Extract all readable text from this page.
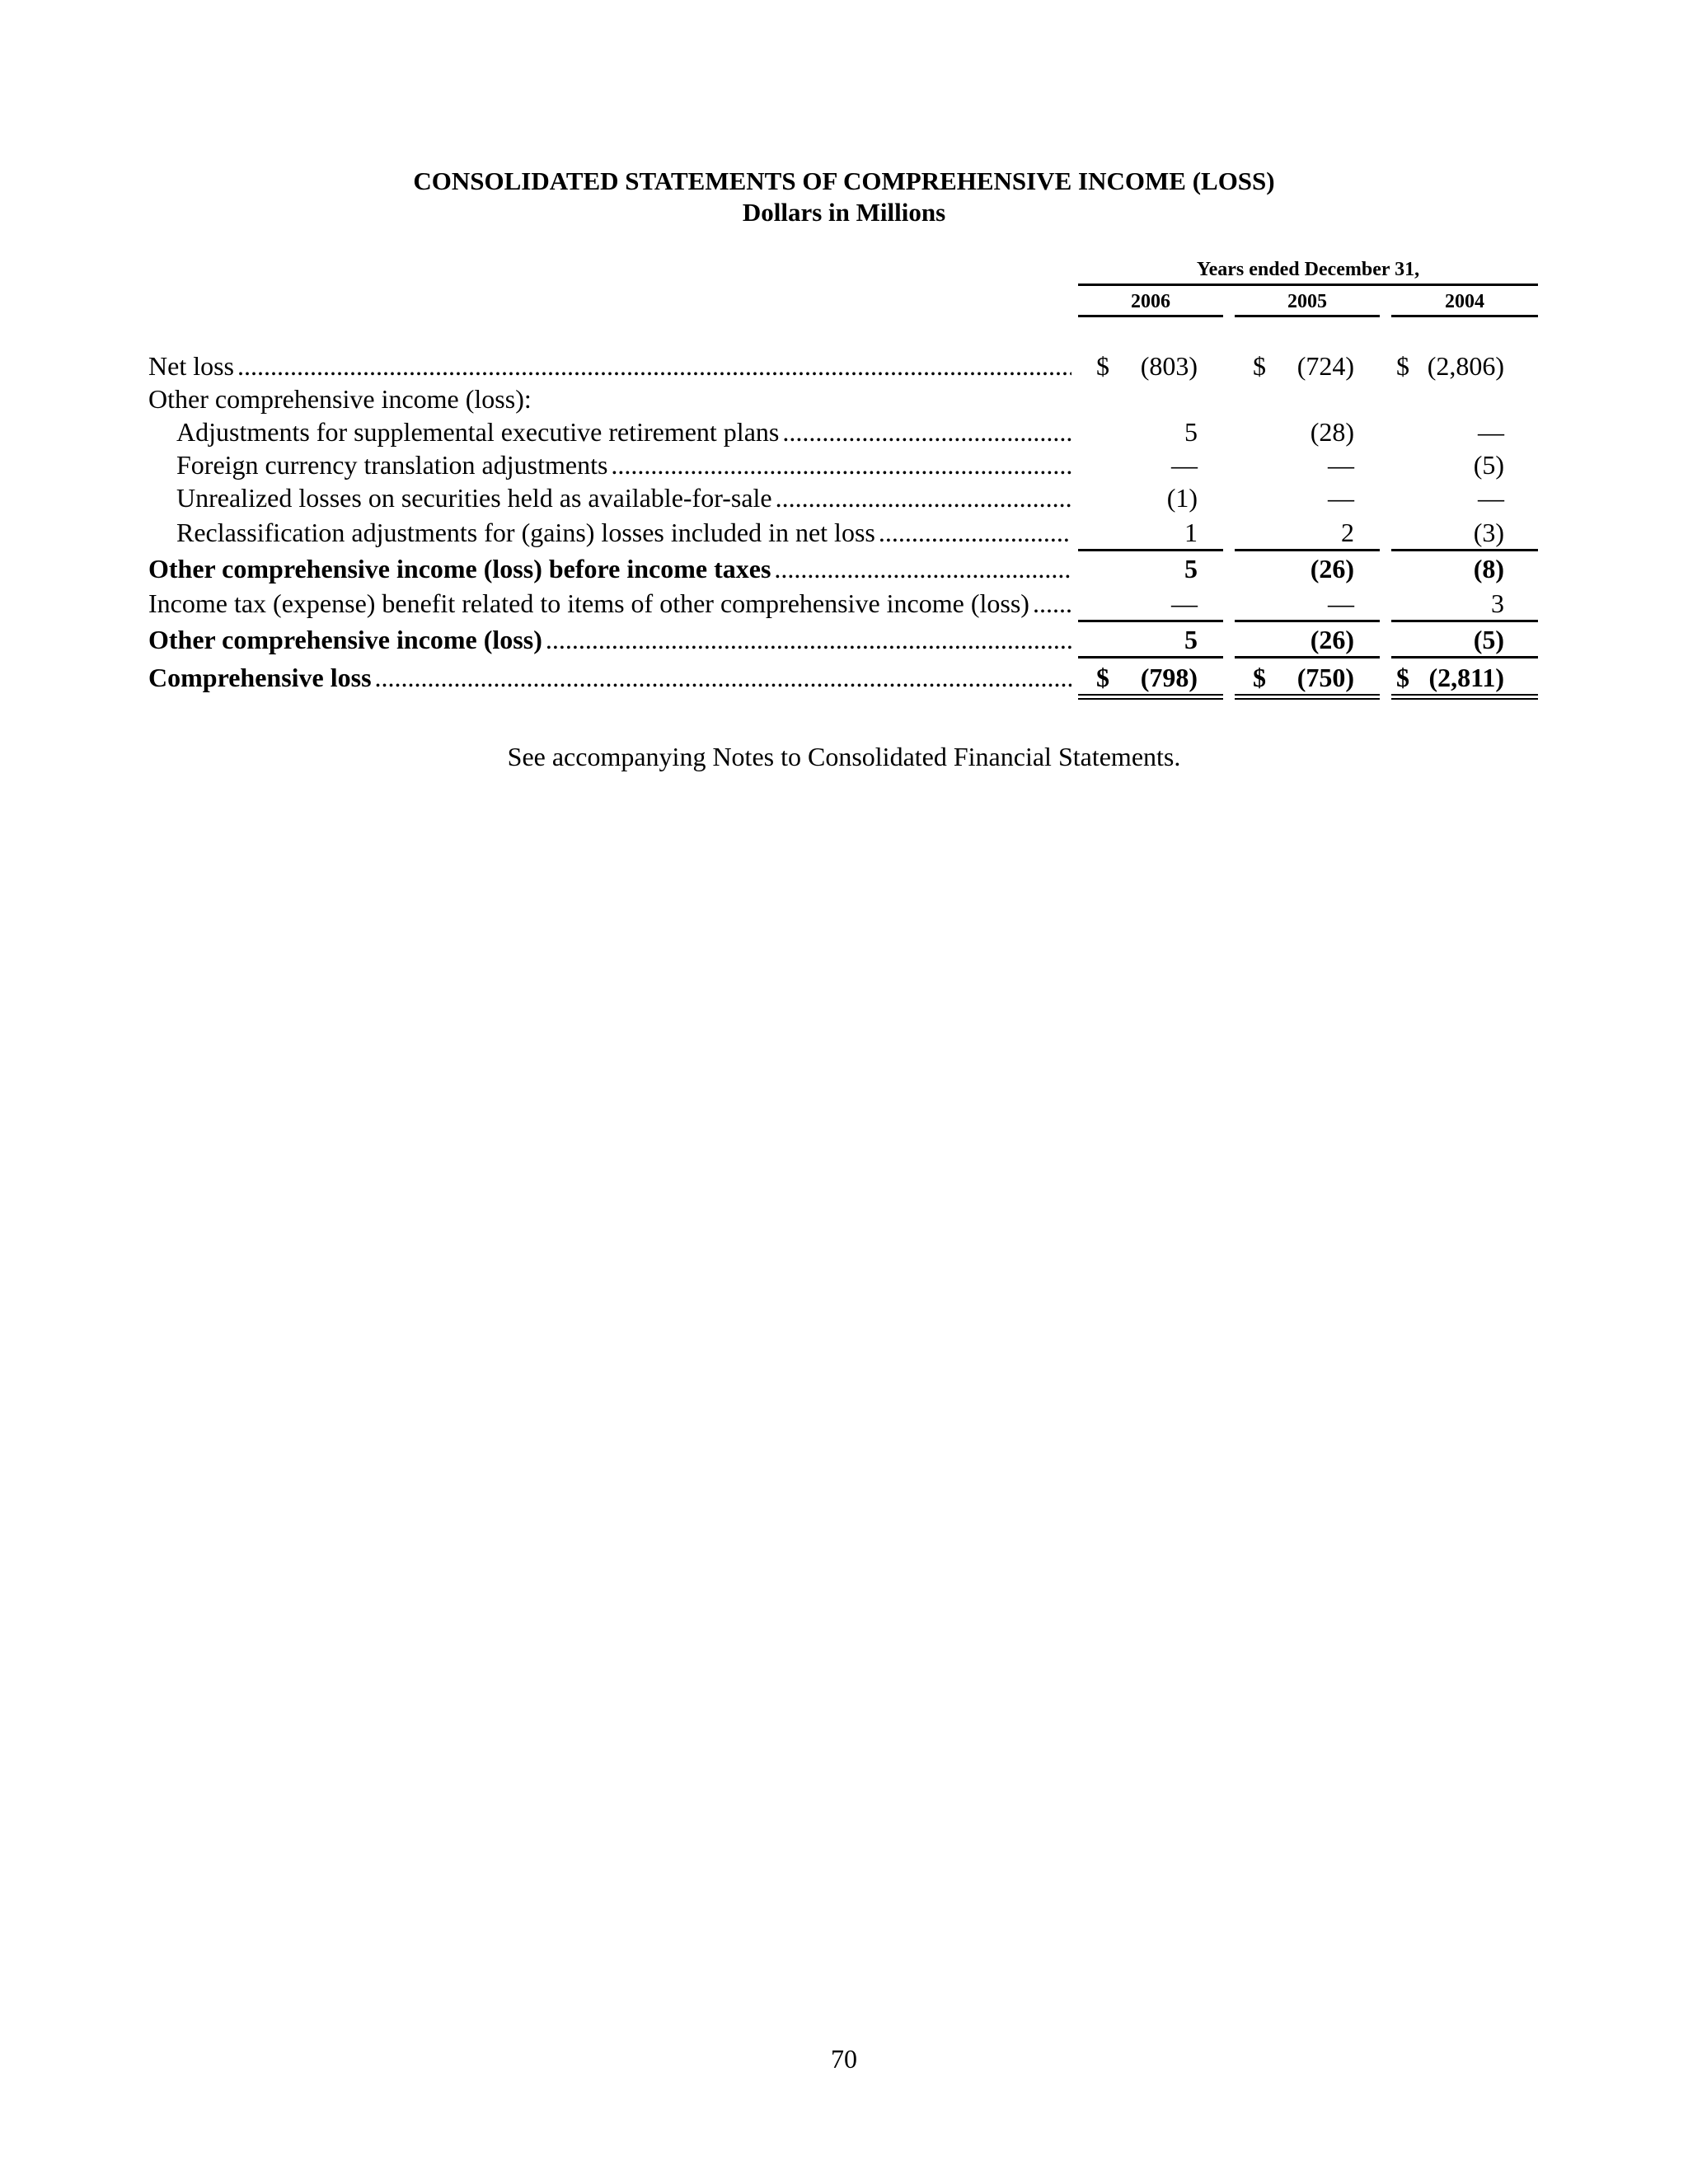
CONSOLIDATED STATEMENTS OF COMPREHENSIVE INCOME (LOSS)
Dollars in Millions
Years ended December 31,
2006	2005	2004
Net loss .....	$ (803) $ (724) $ (2,806)
Other comprehensive income (loss):
Adjustments for supplemental executive retirement plans .....	5	(28)	—
Foreign currency translation adjustments .....	—	—	(5)
Unrealized losses on securities held as available-for-sale .....	(1)	—	—
Reclassification adjustments for (gains) losses included in net loss .....	1	2	(3)
Other comprehensive income (loss) before income taxes .....	5	(26)	(8)
Income tax (expense) benefit related to items of other comprehensive income (loss) .....	—	—	3
Other comprehensive income (loss) .....	5	(26)	(5)
Comprehensive loss .....	$ (798) $ (750) $ (2,811)
See accompanying Notes to Consolidated Financial Statements.
70
